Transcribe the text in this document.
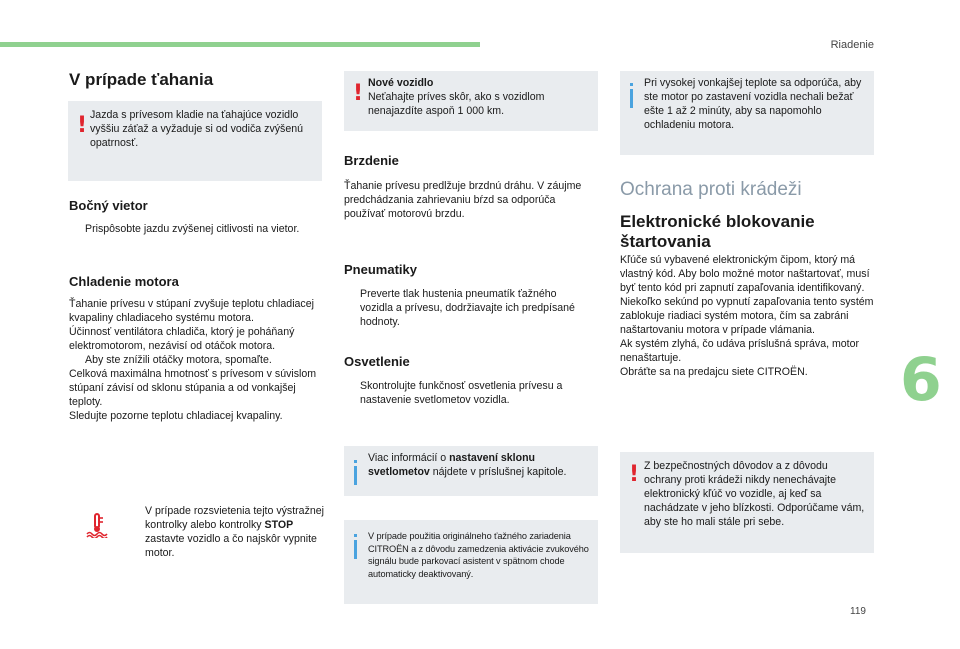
Riadenie
6
119
V prípade ťahania
! Jazda s prívesom kladie na ťahajúce vozidlo vyššiu záťaž a vyžaduje si od vodiča zvýšenú opatrnosť.
Bočný vietor
Prispôsobte jazdu zvýšenej citlivosti na vietor.
Chladenie motora
Ťahanie prívesu v stúpaní zvyšuje teplotu chladiacej kvapaliny chladiaceho systému motora.
Účinnosť ventilátora chladiča, ktorý je poháňaný elektromotorom, nezávisí od otáčok motora.
Aby ste znížili otáčky motora, spomaľte.
Celková maximálna hmotnosť s prívesom v súvislom stúpaní závisí od sklonu stúpania a od vonkajšej teploty.
Sledujte pozorne teplotu chladiacej kvapaliny.
V prípade rozsvietenia tejto výstražnej kontrolky alebo kontrolky STOP zastavte vozidlo a čo najskôr vypnite motor.
! Nové vozidlo
Neťahajte príves skôr, ako s vozidlom nenajazdíte aspoň 1 000 km.
Brzdenie
Ťahanie prívesu predlžuje brzdnú dráhu. V záujme predchádzania zahrievaniu bŕzd sa odporúča používať motorovú brzdu.
Pneumatiky
Preverte tlak hustenia pneumatík ťažného vozidla a prívesu, dodržiavajte ich predpísané hodnoty.
Osvetlenie
Skontrolujte funkčnosť osvetlenia prívesu a nastavenie svetlometov vozidla.
Viac informácií o nastavení sklonu svetlometov nájdete v príslušnej kapitole.
V prípade použitia originálneho ťažného zariadenia CITROËN a z dôvodu zamedzenia aktivácie zvukového signálu bude parkovací asistent v spätnom chode automaticky deaktivovaný.
Pri vysokej vonkajšej teplote sa odporúča, aby ste motor po zastavení vozidla nechali bežať ešte 1 až 2 minúty, aby sa napomohlo ochladeniu motora.
Ochrana proti krádeži
Elektronické blokovanie štartovania
Kľúče sú vybavené elektronickým čipom, ktorý má vlastný kód. Aby bolo možné motor naštartovať, musí byť tento kód pri zapnutí zapaľovania identifikovaný.
Niekoľko sekúnd po vypnutí zapaľovania tento systém zablokuje riadiaci systém motora, čím sa zabráni naštartovaniu motora v prípade vlámania.
Ak systém zlyhá, čo udáva príslušná správa, motor nenaštartuje.
Obráťte sa na predajcu siete CITROËN.
! Z bezpečnostných dôvodov a z dôvodu ochrany proti krádeži nikdy nenechávajte elektronický kľúč vo vozidle, aj keď sa nachádzate v jeho blízkosti. Odporúčame vám, aby ste ho mali stále pri sebe.
